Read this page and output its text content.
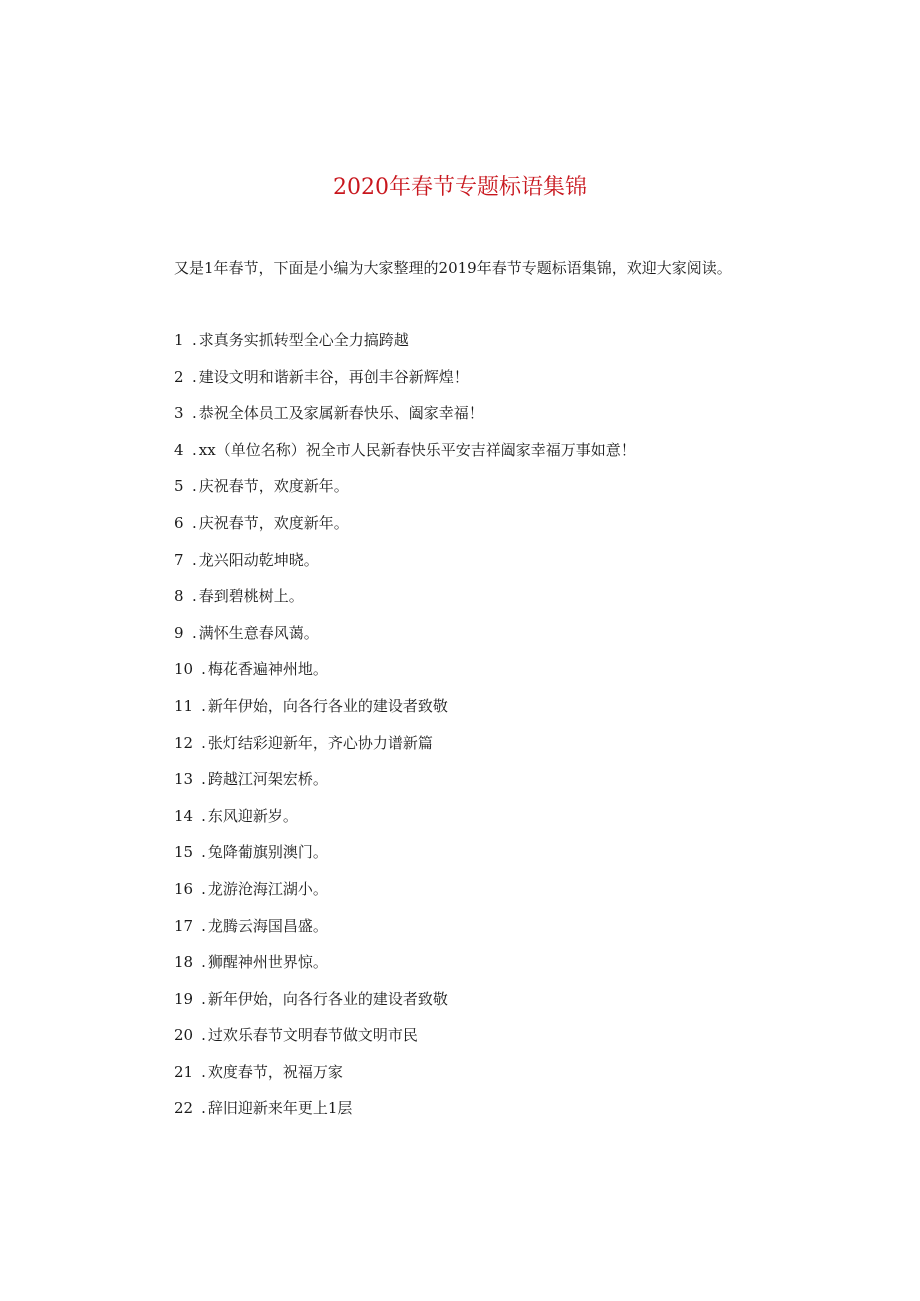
2020年春节专题标语集锦

又是1年春节，下面是小编为大家整理的2019年春节专题标语集锦，欢迎大家阅读。

1 . 求真务实抓转型全心全力搞跨越
2 . 建设文明和谐新丰谷，再创丰谷新辉煌！
3 . 恭祝全体员工及家属新春快乐、阖家幸福！
4 . xx（单位名称）祝全市人民新春快乐平安吉祥阖家幸福万事如意！
5 . 庆祝春节，欢度新年。
6 . 庆祝春节，欢度新年。
7 . 龙兴阳动乾坤晓。
8 . 春到碧桃树上。
9 . 满怀生意春风蔼。
10 . 梅花香遍神州地。
11 . 新年伊始，向各行各业的建设者致敬
12 . 张灯结彩迎新年，齐心协力谱新篇
13 . 跨越江河架宏桥。
14 . 东风迎新岁。
15 . 兔降葡旗别澳门。
16 . 龙游沧海江湖小。
17 . 龙腾云海国昌盛。
18 . 狮醒神州世界惊。
19 . 新年伊始，向各行各业的建设者致敬
20 . 过欢乐春节文明春节做文明市民
21 . 欢度春节，祝福万家
22 . 辞旧迎新来年更上1层
